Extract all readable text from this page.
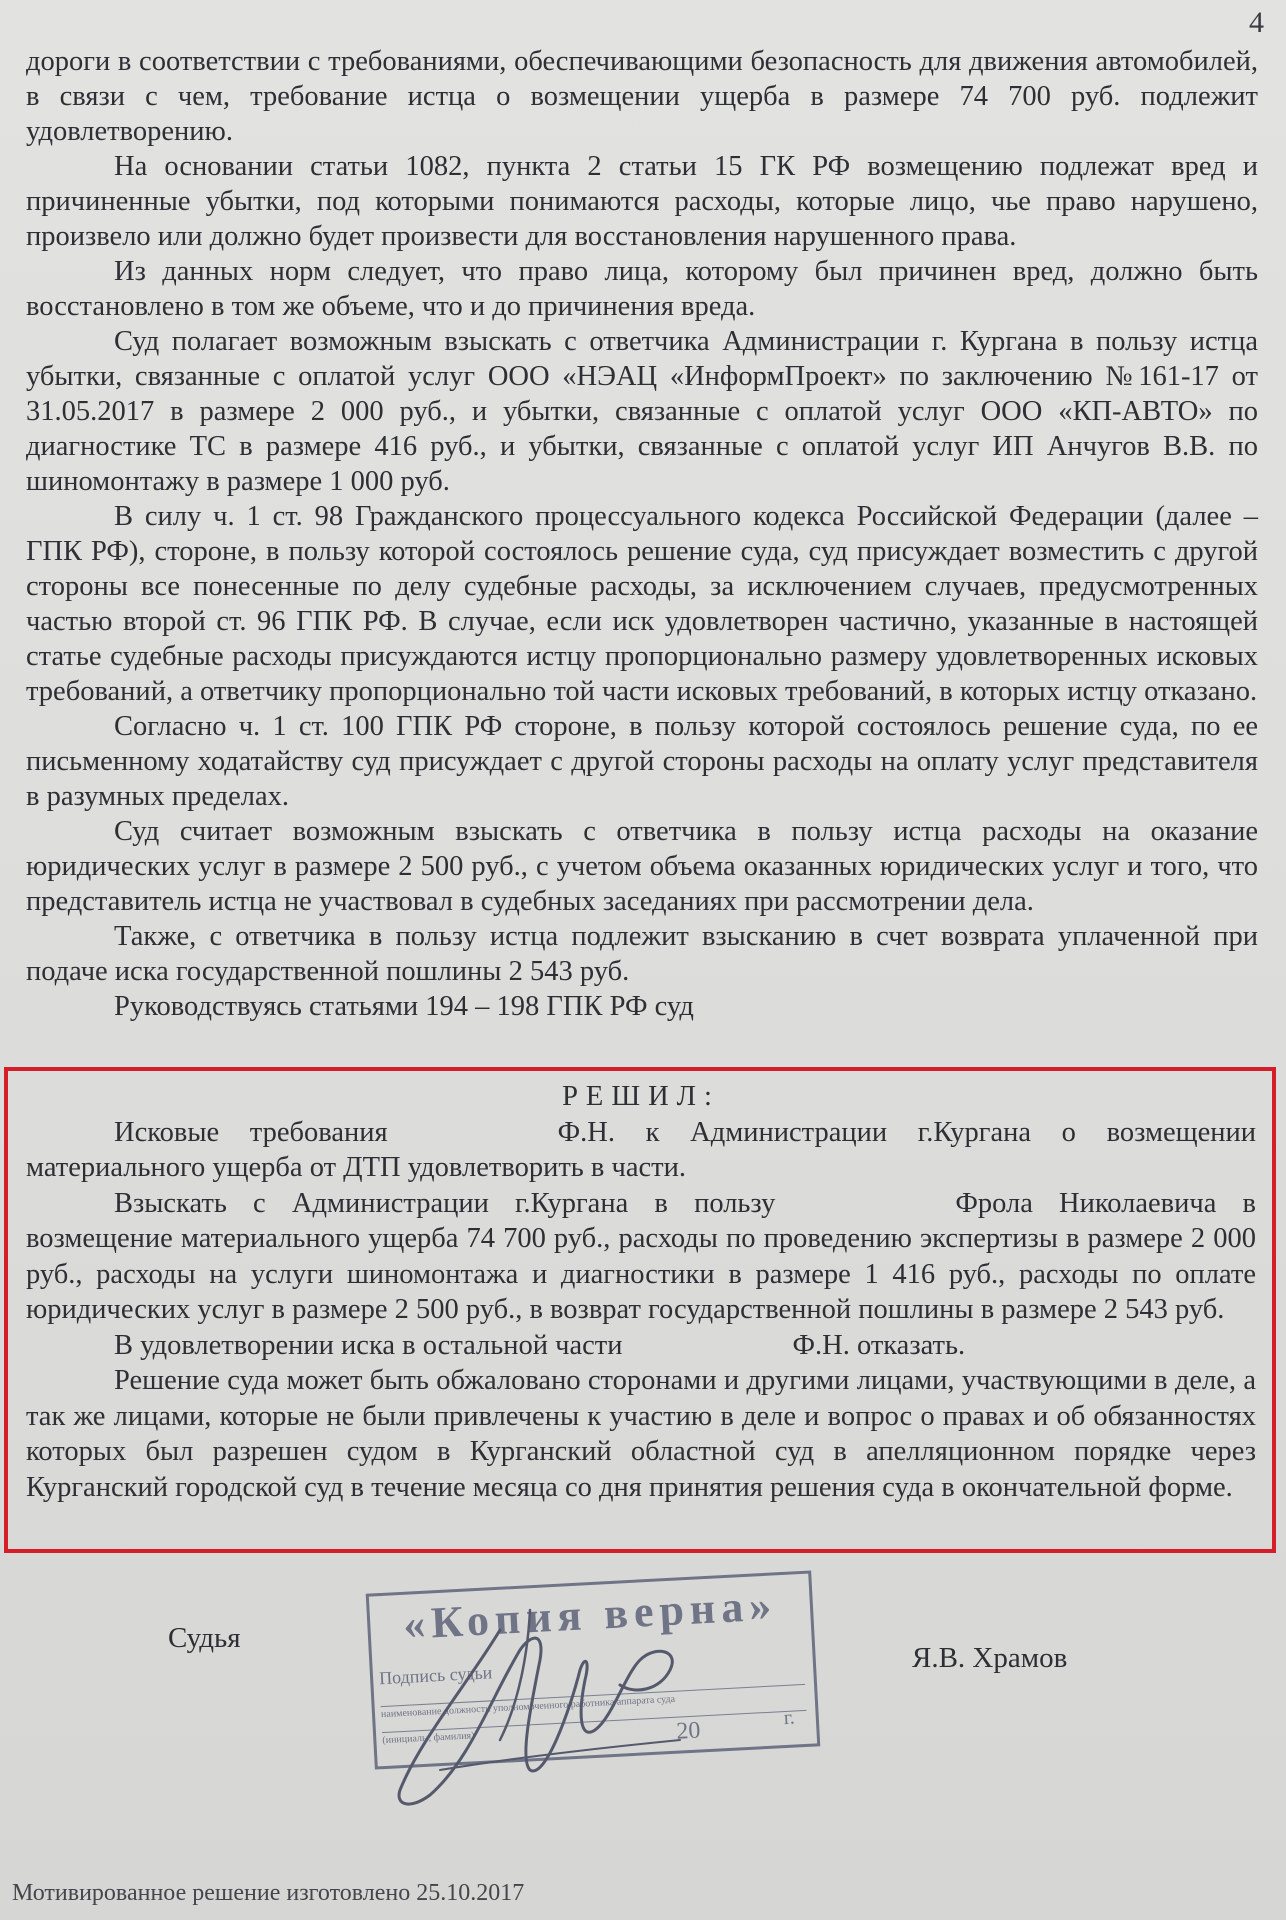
4

дороги в соответствии с требованиями, обеспечивающими безопасность для движения автомобилей, в связи с чем, требование истца о возмещении ущерба в размере 74 700 руб. подлежит удовлетворению.

На основании статьи 1082, пункта 2 статьи 15 ГК РФ возмещению подлежат вред и причиненные убытки, под которыми понимаются расходы, которые лицо, чье право нарушено, произвело или должно будет произвести для восстановления нарушенного права.

Из данных норм следует, что право лица, которому был причинен вред, должно быть восстановлено в том же объеме, что и до причинения вреда.

Суд полагает возможным взыскать с ответчика Администрации г. Кургана в пользу истца убытки, связанные с оплатой услуг ООО «НЭАЦ «ИнформПроект» по заключению №161-17 от 31.05.2017 в размере 2 000 руб., и убытки, связанные с оплатой услуг ООО «КП-АВТО» по диагностике ТС в размере 416 руб., и убытки, связанные с оплатой услуг ИП Анчугов В.В. по шиномонтажу в размере 1 000 руб.

В силу ч. 1 ст. 98 Гражданского процессуального кодекса Российской Федерации (далее – ГПК РФ), стороне, в пользу которой состоялось решение суда, суд присуждает возместить с другой стороны все понесенные по делу судебные расходы, за исключением случаев, предусмотренных частью второй ст. 96 ГПК РФ. В случае, если иск удовлетворен частично, указанные в настоящей статье судебные расходы присуждаются истцу пропорционально размеру удовлетворенных исковых требований, а ответчику пропорционально той части исковых требований, в которых истцу отказано.

Согласно ч. 1 ст. 100 ГПК РФ стороне, в пользу которой состоялось решение суда, по ее письменному ходатайству суд присуждает с другой стороны расходы на оплату услуг представителя в разумных пределах.

Суд считает возможным взыскать с ответчика в пользу истца расходы на оказание юридических услуг в размере 2 500 руб., с учетом объема оказанных юридических услуг и того, что представитель истца не участвовал в судебных заседаниях при рассмотрении дела.

Также, с ответчика в пользу истца подлежит взысканию в счет возврата уплаченной при подаче иска государственной пошлины 2 543 руб.

Руководствуясь статьями 194 – 198 ГПК РФ суд

РЕШИЛ:

Исковые требования	Ф.Н. к Администрации г.Кургана о возмещении материального ущерба от ДТП удовлетворить в части.

Взыскать с Администрации г.Кургана в пользу	Фрола Николаевича в возмещение материального ущерба 74 700 руб., расходы по проведению экспертизы в размере 2 000 руб., расходы на услуги шиномонтажа и диагностики в размере 1 416 руб., расходы по оплате юридических услуг в размере 2 500 руб., в возврат государственной пошлины в размере 2 543 руб.

В удовлетворении иска в остальной части	Ф.Н. отказать.

Решение суда может быть обжаловано сторонами и другими лицами, участвующими в деле, а так же лицами, которые не были привлечены к участию в деле и вопрос о правах и об обязанностях которых был разрешен судом в Курганский областной суд в апелляционном порядке через Курганский городской суд в течение месяца со дня принятия решения суда в окончательной форме.

Судья	«Копия верна»
Подпись судьи
наименование должности уполномоченного работника аппарата суда
(инициалы, фамилия)	20	г.
Я.В. Храмов
Мотивированное решение изготовлено 25.10.2017
